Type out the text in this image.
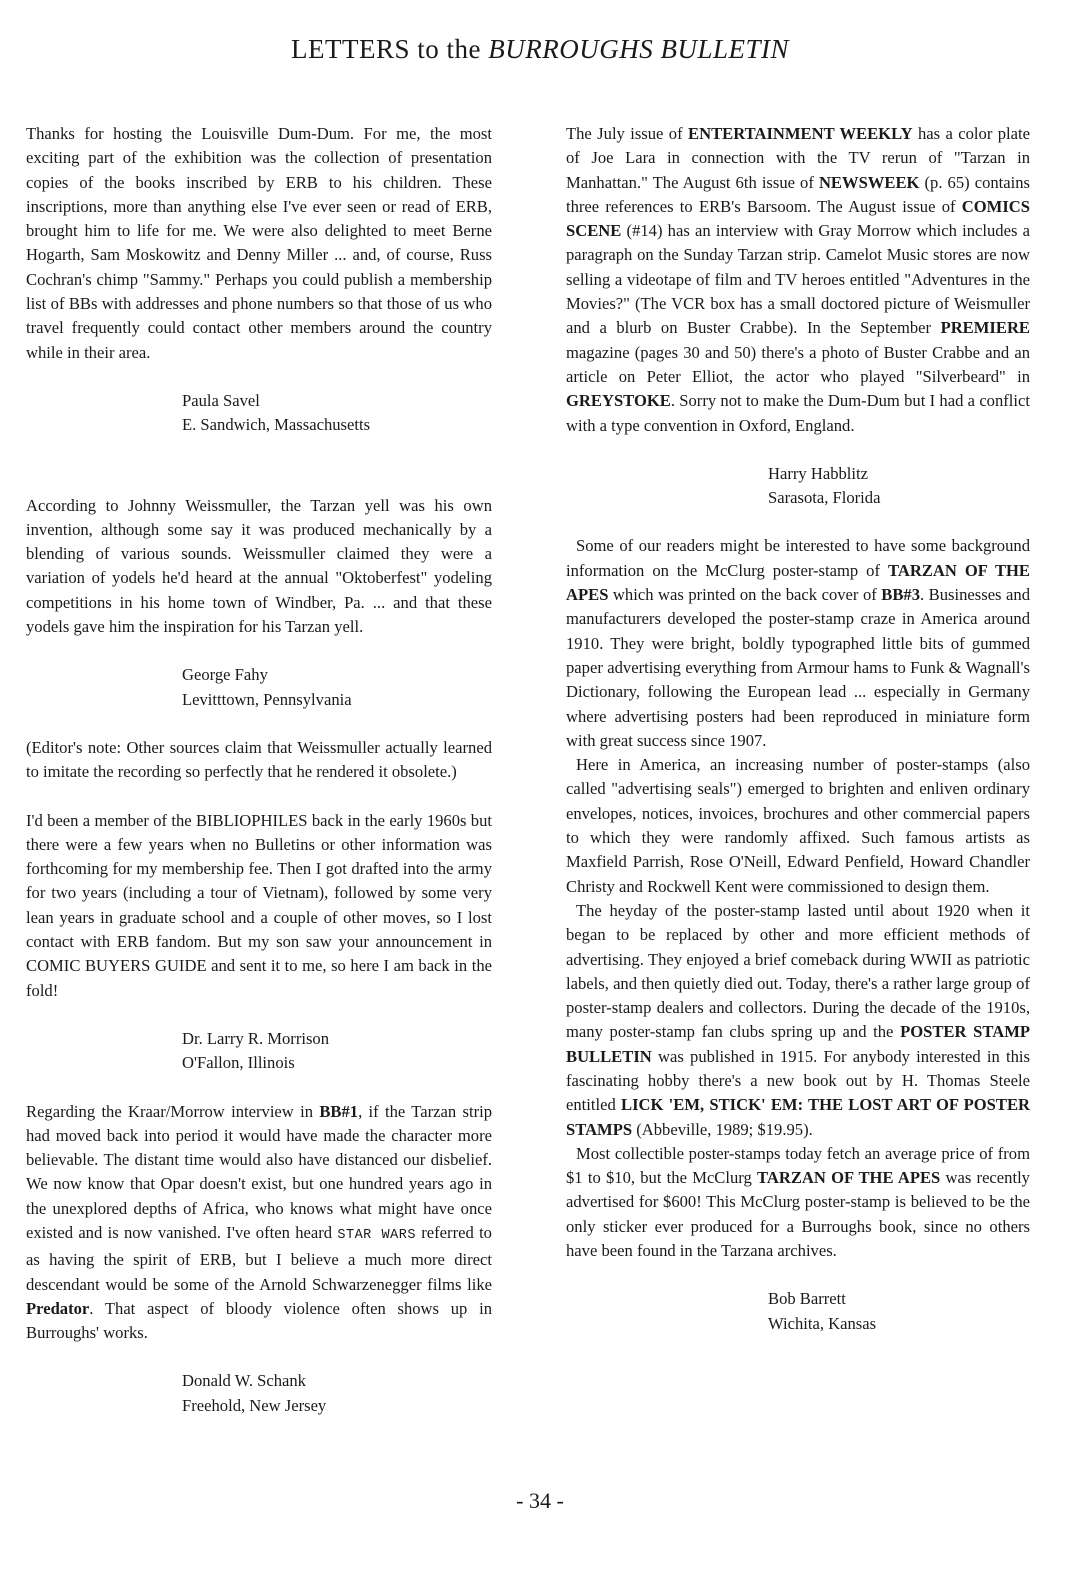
LETTERS to the BURROUGHS BULLETIN

Thanks for hosting the Louisville Dum-Dum. For me, the most exciting part of the exhibition was the collection of presentation copies of the books inscribed by ERB to his children. These inscriptions, more than anything else I've ever seen or read of ERB, brought him to life for me. We were also delighted to meet Berne Hogarth, Sam Moskowitz and Denny Miller ... and, of course, Russ Cochran's chimp "Sammy." Perhaps you could publish a membership list of BBs with addresses and phone numbers so that those of us who travel frequently could contact other members around the country while in their area.

Paula Savel
E. Sandwich, Massachusetts

According to Johnny Weissmuller, the Tarzan yell was his own invention, although some say it was produced mechanically by a blending of various sounds. Weissmuller claimed they were a variation of yodels he'd heard at the annual "Oktoberfest" yodeling competitions in his home town of Windber, Pa. ... and that these yodels gave him the inspiration for his Tarzan yell.

George Fahy
Levitttown, Pennsylvania

(Editor's note: Other sources claim that Weissmuller actually learned to imitate the recording so perfectly that he rendered it obsolete.)

I'd been a member of the BIBLIOPHILES back in the early 1960s but there were a few years when no Bulletins or other information was forthcoming for my membership fee. Then I got drafted into the army for two years (including a tour of Vietnam), followed by some very lean years in graduate school and a couple of other moves, so I lost contact with ERB fandom. But my son saw your announcement in COMIC BUYERS GUIDE and sent it to me, so here I am back in the fold!

Dr. Larry R. Morrison
O'Fallon, Illinois

Regarding the Kraar/Morrow interview in BB#1, if the Tarzan strip had moved back into period it would have made the character more believable. The distant time would also have distanced our disbelief. We now know that Opar doesn't exist, but one hundred years ago in the unexplored depths of Africa, who knows what might have once existed and is now vanished. I've often heard STAR WARS referred to as having the spirit of ERB, but I believe a much more direct descendant would be some of the Arnold Schwarzenegger films like Predator. That aspect of bloody violence often shows up in Burroughs' works.

Donald W. Schank
Freehold, New Jersey

The July issue of ENTERTAINMENT WEEKLY has a color plate of Joe Lara in connection with the TV rerun of "Tarzan in Manhattan." The August 6th issue of NEWSWEEK (p. 65) contains three references to ERB's Barsoom. The August issue of COMICS SCENE (#14) has an interview with Gray Morrow which includes a paragraph on the Sunday Tarzan strip. Camelot Music stores are now selling a videotape of film and TV heroes entitled "Adventures in the Movies?" (The VCR box has a small doctored picture of Weismuller and a blurb on Buster Crabbe). In the September PREMIERE magazine (pages 30 and 50) there's a photo of Buster Crabbe and an article on Peter Elliot, the actor who played "Silverbeard" in GREYSTOKE. Sorry not to make the Dum-Dum but I had a conflict with a type convention in Oxford, England.

Harry Habblitz
Sarasota, Florida

Some of our readers might be interested to have some background information on the McClurg poster-stamp of TARZAN OF THE APES which was printed on the back cover of BB#3. Businesses and manufacturers developed the poster-stamp craze in America around 1910. They were bright, boldly typographed little bits of gummed paper advertising everything from Armour hams to Funk & Wagnall's Dictionary, following the European lead ... especially in Germany where advertising posters had been reproduced in miniature form with great success since 1907.

Here in America, an increasing number of poster-stamps (also called "advertising seals") emerged to brighten and enliven ordinary envelopes, notices, invoices, brochures and other commercial papers to which they were randomly affixed. Such famous artists as Maxfield Parrish, Rose O'Neill, Edward Penfield, Howard Chandler Christy and Rockwell Kent were commissioned to design them.

The heyday of the poster-stamp lasted until about 1920 when it began to be replaced by other and more efficient methods of advertising. They enjoyed a brief comeback during WWII as patriotic labels, and then quietly died out. Today, there's a rather large group of poster-stamp dealers and collectors. During the decade of the 1910s, many poster-stamp fan clubs spring up and the POSTER STAMP BULLETIN was published in 1915. For anybody interested in this fascinating hobby there's a new book out by H. Thomas Steele entitled LICK 'EM, STICK' EM: THE LOST ART OF POSTER STAMPS (Abbeville, 1989; $19.95).

Most collectible poster-stamps today fetch an average price of from $1 to $10, but the McClurg TARZAN OF THE APES was recently advertised for $600! This McClurg poster-stamp is believed to be the only sticker ever produced for a Burroughs book, since no others have been found in the Tarzana archives.

Bob Barrett
Wichita, Kansas
- 34 -
